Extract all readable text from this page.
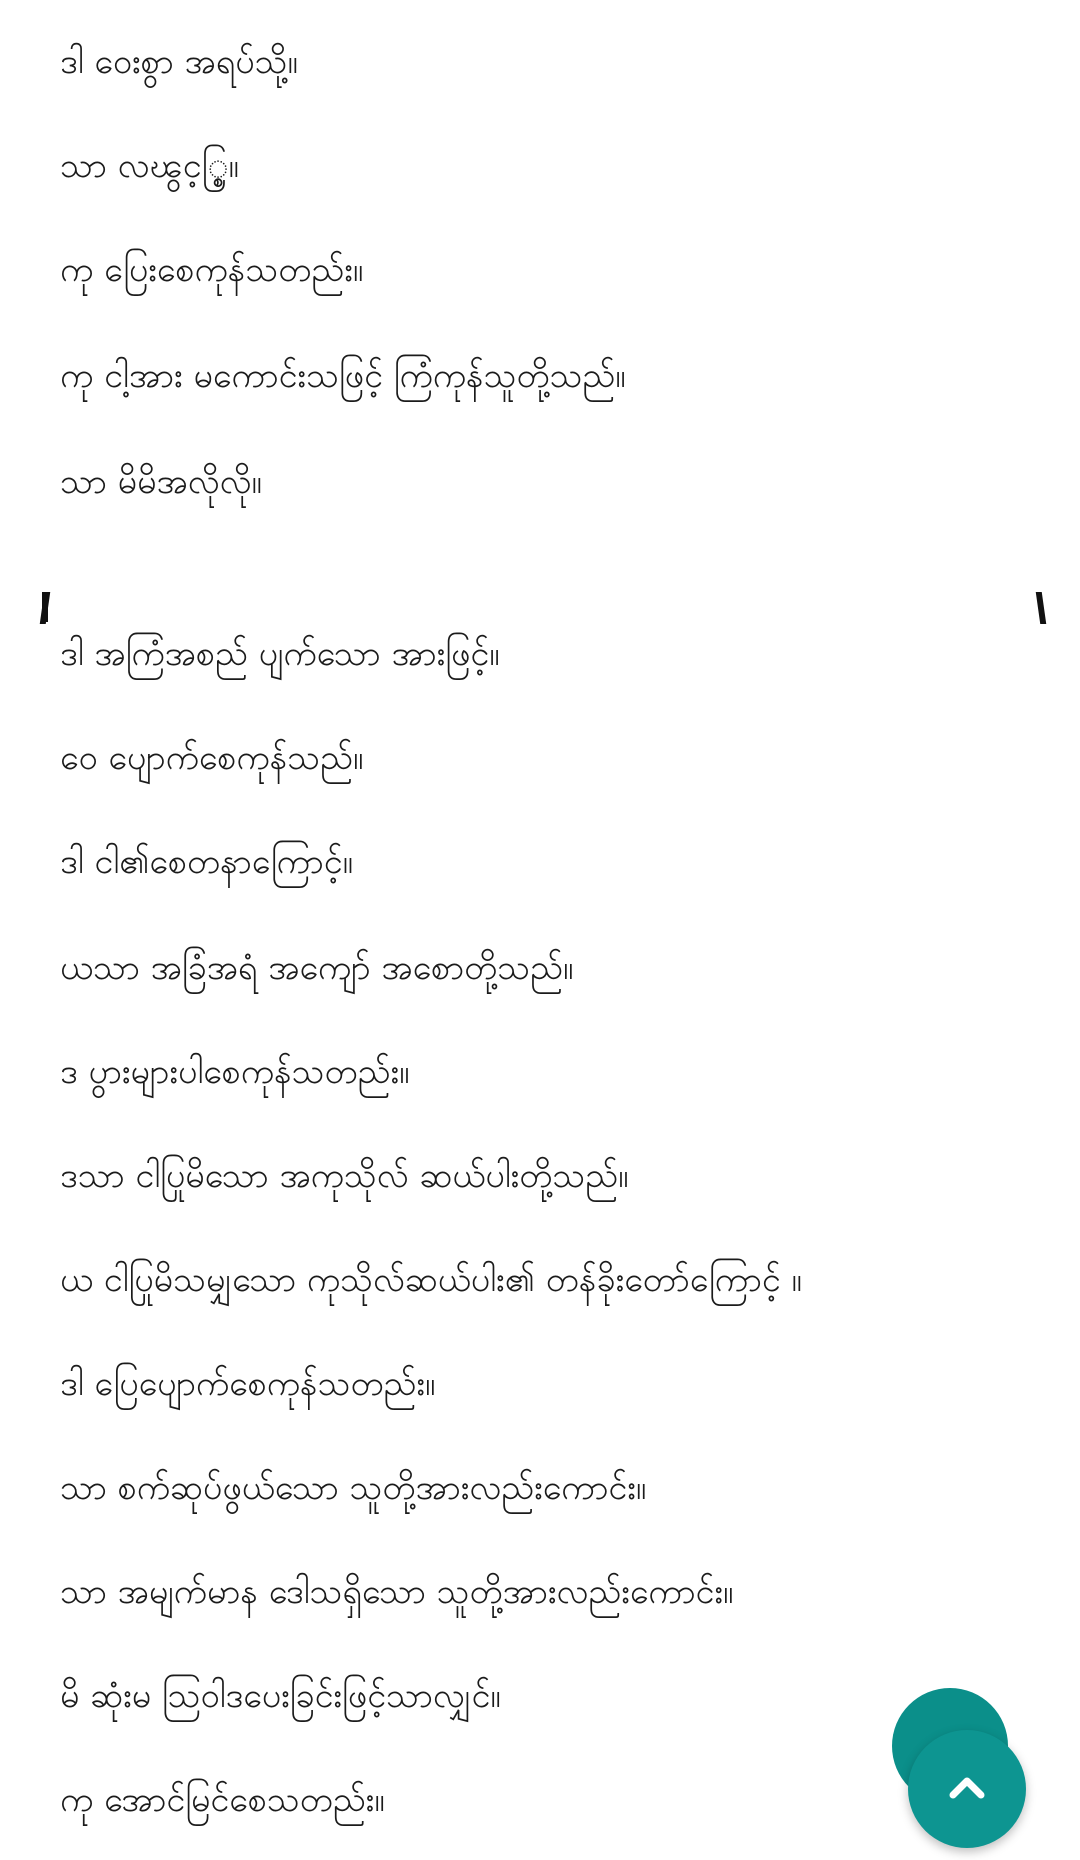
ဒါ ဝေးစွာ အရပ်သို့။
သာ လၽွင့္စြ။
ကု ပြေးစေကုန်သတည်း။
ကု ငါ့အား မကောင်းသဖြင့် ကြံကုန်သူတို့သည်။
သာ မိမိအလိုလို။
ဒါ အကြံအစည် ပျက်သော အားဖြင့်။
ဝေ ပျောက်စေကုန်သည်။
ဒါ ငါ၏စေတနာကြောင့်။
ယသာ အခြံအရံ အကျော် အစောတို့သည်။
ဒ ပွားများပါစေကုန်သတည်း။
ဒသာ ငါပြုမိသော အကုသိုလ် ဆယ်ပါးတို့သည်။
ယ ငါပြုမိသမျှသော ကုသိုလ်ဆယ်ပါး၏ တန်ခိုးတော်ကြောင့် ။
ဒါ ပြေပျောက်စေကုန်သတည်း။
သာ စက်ဆုပ်ဖွယ်သော သူတို့အားလည်းကောင်း။
သာ အမျက်မာန ဒေါသရှိသော သူတို့အားလည်းကောင်း။
မိ ဆုံးမ ဩဝါဒပေးခြင်းဖြင့်သာလျှင်။
ကု အောင်မြင်စေသတည်း။
